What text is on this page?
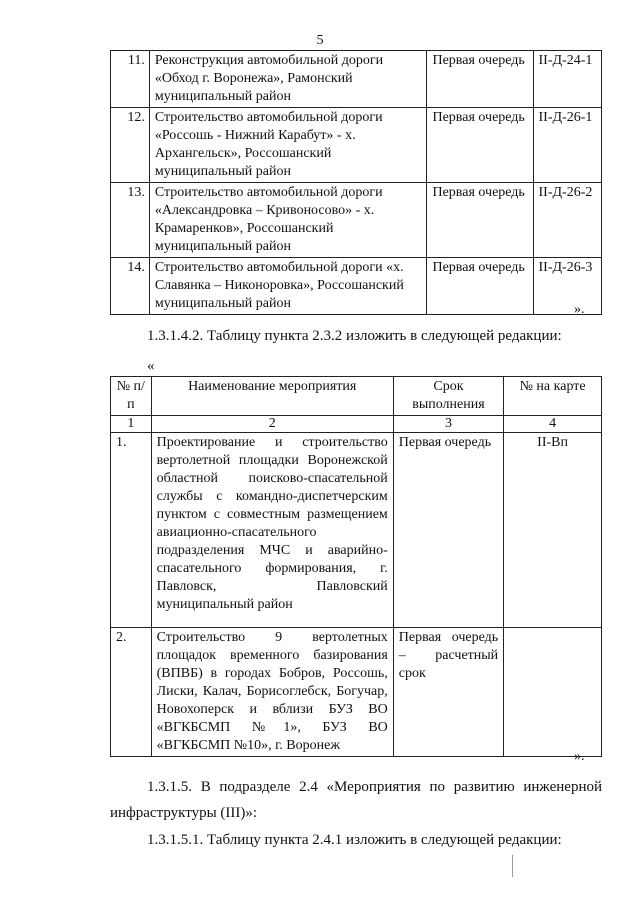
5
11.	Реконструкция автомобильной дороги «Обход г. Воронежа», Рамонский муниципальный район	Первая очередь	II-Д-24-1
12.	Строительство автомобильной дороги «Россошь - Нижний Карабут» - х. Архангельск», Россошанский муниципальный район	Первая очередь	II-Д-26-1
13.	Строительство автомобильной дороги «Александровка – Кривоносово» - х. Крамаренков», Россошанский муниципальный район	Первая очередь	II-Д-26-2
14.	Строительство автомобильной дороги «х. Славянка – Никоноровка», Россошанский муниципальный район	Первая очередь	II-Д-26-3
».
1.3.1.4.2. Таблицу пункта 2.3.2 изложить в следующей редакции:
«
№ п/п	Наименование мероприятия	Срок выполнения	№ на карте
1	2	3	4
1.	Проектирование и строительство вертолетной площадки Воронежской областной поисково-спасательной службы с командно-диспетчерским пунктом с совместным размещением авиационно-спасательного подразделения МЧС и аварийно-спасательного формирования, г. Павловск, Павловский муниципальный район	Первая очередь	II-Вп
2.	Строительство 9 вертолетных площадок временного базирования (ВПВБ) в городах Бобров, Россошь, Лиски, Калач, Борисоглебск, Богучар, Новохоперск и вблизи БУЗ ВО «ВГКБСМП №1», БУЗ ВО «ВГКБСМП №10», г. Воронеж	Первая очередь – расчетный срок	
».
1.3.1.5. В подразделе 2.4 «Мероприятия по развитию инженерной инфраструктуры (III)»:
1.3.1.5.1. Таблицу пункта 2.4.1 изложить в следующей редакции:
